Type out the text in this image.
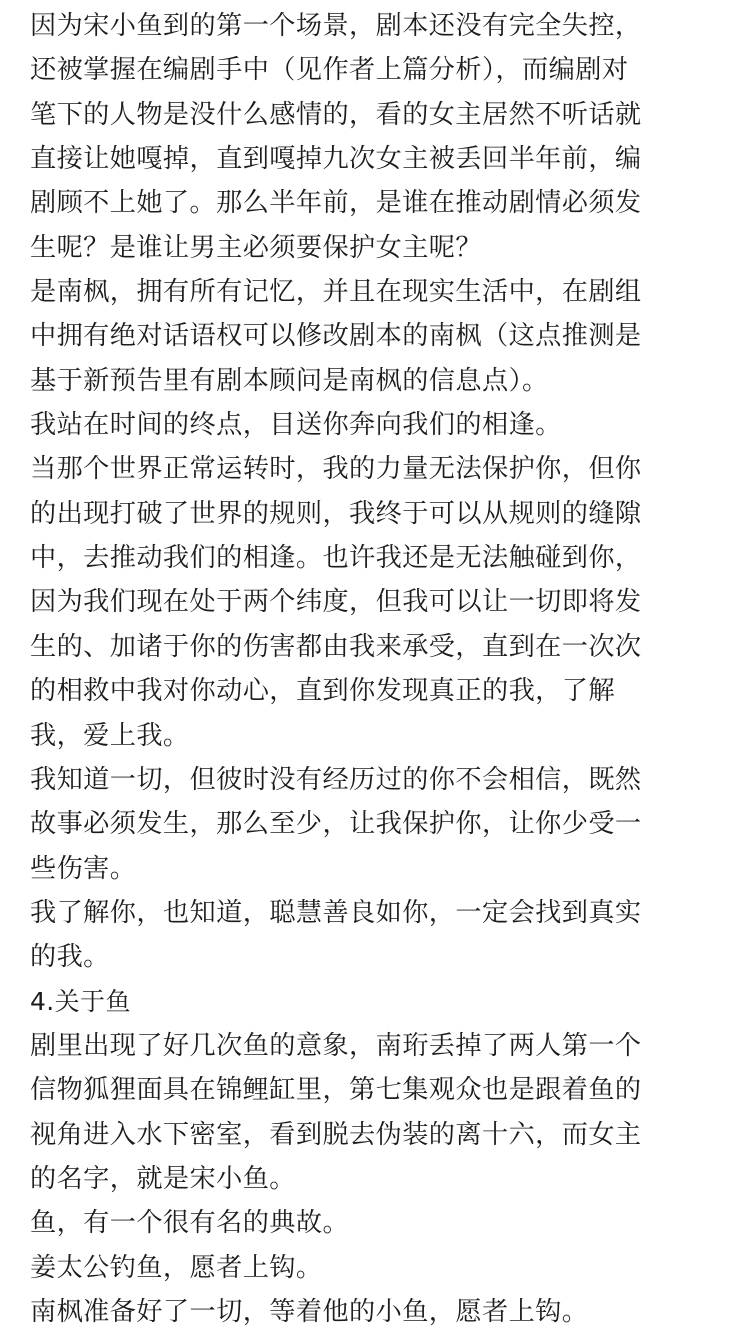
因为宋小鱼到的第一个场景，剧本还没有完全失控，
还被掌握在编剧手中（见作者上篇分析），而编剧对
笔下的人物是没什么感情的，看的女主居然不听话就
直接让她嘎掉，直到嘎掉九次女主被丢回半年前，编
剧顾不上她了。那么半年前，是谁在推动剧情必须发
生呢？是谁让男主必须要保护女主呢？
是南枫，拥有所有记忆，并且在现实生活中，在剧组
中拥有绝对话语权可以修改剧本的南枫（这点推测是
基于新预告里有剧本顾问是南枫的信息点）。
我站在时间的终点，目送你奔向我们的相逢。
当那个世界正常运转时，我的力量无法保护你，但你
的出现打破了世界的规则，我终于可以从规则的缝隙
中，去推动我们的相逢。也许我还是无法触碰到你，
因为我们现在处于两个纬度，但我可以让一切即将发
生的、加诸于你的伤害都由我来承受，直到在一次次
的相救中我对你动心，直到你发现真正的我，了解
我，爱上我。
我知道一切，但彼时没有经历过的你不会相信，既然
故事必须发生，那么至少，让我保护你，让你少受一
些伤害。
我了解你，也知道，聪慧善良如你，一定会找到真实
的我。
4.关于鱼
剧里出现了好几次鱼的意象，南珩丢掉了两人第一个
信物狐狸面具在锦鲤缸里，第七集观众也是跟着鱼的
视角进入水下密室，看到脱去伪装的离十六，而女主
的名字，就是宋小鱼。
鱼，有一个很有名的典故。
姜太公钓鱼，愿者上钩。
南枫准备好了一切，等着他的小鱼，愿者上钩。
